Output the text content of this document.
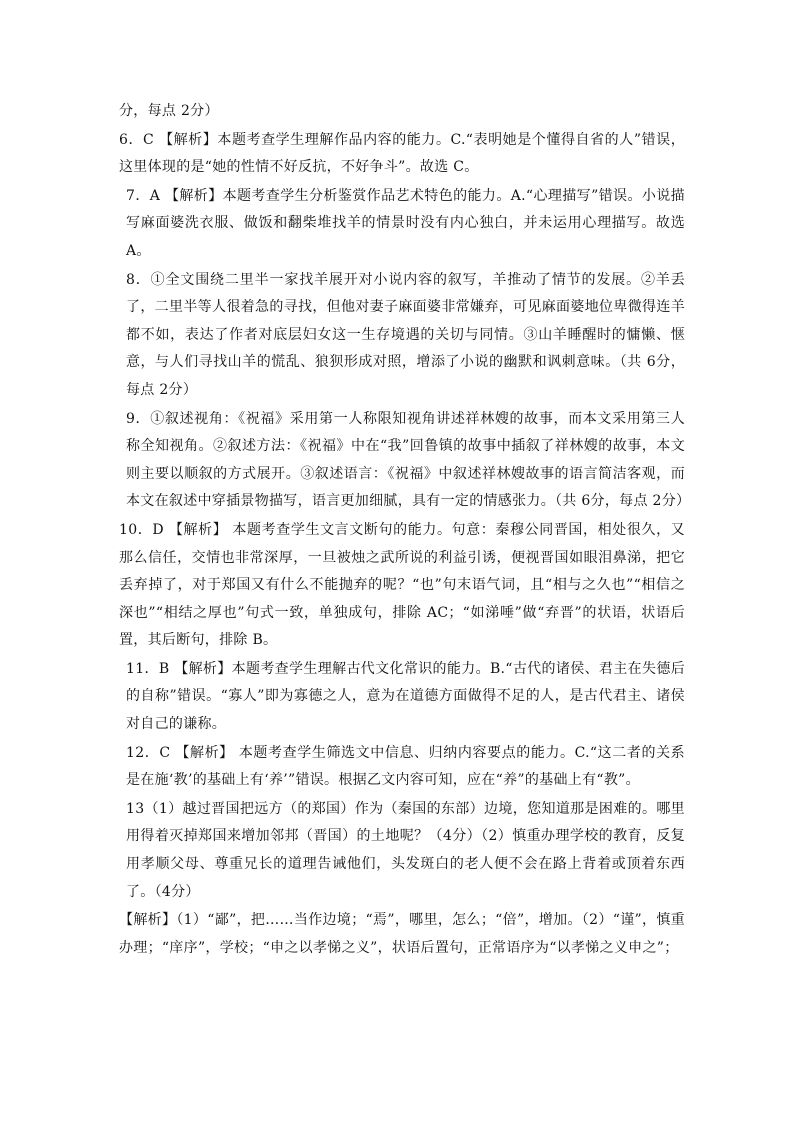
分，每点 2分）

6．C 【解析】本题考查学生理解作品内容的能力。C.“表明她是个懂得自省的人”错误，这里体现的是“她的性情不好反抗，不好争斗”。故选 C。

7．A 【解析】本题考查学生分析鉴赏作品艺术特色的能力。A.“心理描写”错误。小说描写麻面婆洗衣服、做饭和翻柴堆找羊的情景时没有内心独白，并未运用心理描写。故选 A。

8．①全文围绕二里半一家找羊展开对小说内容的叙写，羊推动了情节的发展。②羊丢了，二里半等人很着急的寻找，但他对妻子麻面婆非常嫌弃，可见麻面婆地位卑微得连羊都不如，表达了作者对底层妇女这一生存境遇的关切与同情。③山羊睡醒时的慵懒、惬意，与人们寻找山羊的慌乱、狼狈形成对照，增添了小说的幽默和讽刺意味。（共 6分，每点 2分）

9．①叙述视角：《祝福》采用第一人称限知视角讲述祥林嫂的故事，而本文采用第三人称全知视角。②叙述方法：《祝福》中在“我”回鲁镇的故事中插叙了祥林嫂的故事，本文则主要以顺叙的方式展开。③叙述语言：《祝福》中叙述祥林嫂故事的语言简洁客观，而本文在叙述中穿插景物描写，语言更加细腻，具有一定的情感张力。（共 6分，每点 2分）

10．D 【解析】 本题考查学生文言文断句的能力。句意：秦穆公同晋国，相处很久，又那么信任，交情也非常深厚，一旦被烛之武所说的利益引诱，便视晋国如眼泪鼻涕，把它丢弃掉了，对于郑国又有什么不能抛弃的呢？“也”句末语气词，且“相与之久也”“相信之深也”“相结之厚也”句式一致，单独成句，排除 AC；“如涕唾”做“弃晋”的状语，状语后置，其后断句，排除 B。

11．B 【解析】本题考查学生理解古代文化常识的能力。B.“古代的诸侯、君主在失德后的自称”错误。“寡人”即为寡德之人，意为在道德方面做得不足的人，是古代君主、诸侯对自己的谦称。

12．C 【解析】 本题考查学生筛选文中信息、归纳内容要点的能力。C.“这二者的关系是在施‘教’的基础上有‘养’”错误。根据乙文内容可知，应在“养”的基础上有“教”。

13（1）越过晋国把远方（的郑国）作为（秦国的东部）边境，您知道那是困难的。哪里用得着灭掉郑国来增加邻邦（晋国）的土地呢？（4分）（2）慎重办理学校的教育，反复用孝顺父母、尊重兄长的道理告诫他们，头发斑白的老人便不会在路上背着或顶着东西了。（4分）

【解析】（1）“鄙”，把……当作边境；“焉”，哪里，怎么；“倍”，增加。（2）“谨”，慎重办理；“庠序”，学校；“申之以孝悌之义”，状语后置句，正常语序为“以孝悌之义申之”；
